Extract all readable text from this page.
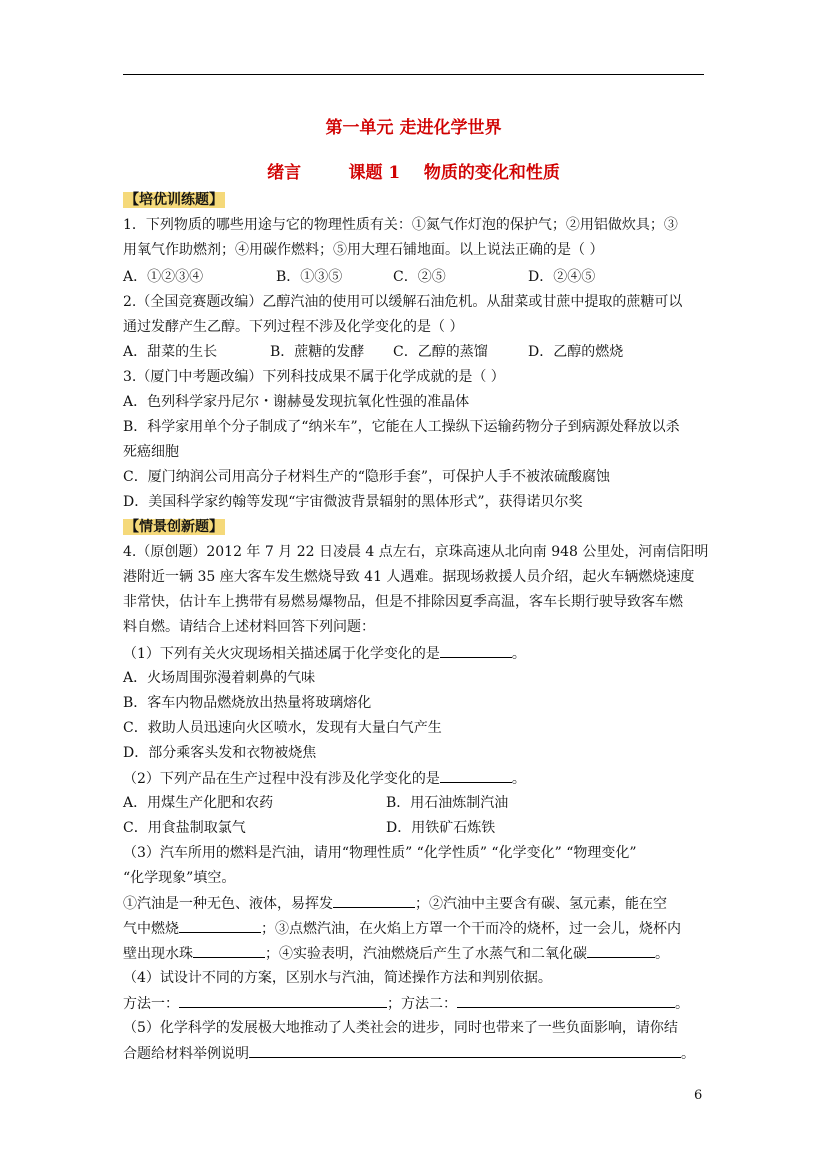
第一单元 走进化学世界
绪言	课题 1 物质的变化和性质
【培优训练题】
1．下列物质的哪些用途与它的物理性质有关：①氮气作灯泡的保护气；②用铝做炊具；③
用氧气作助燃剂；④用碳作燃料；⑤用大理石铺地面。以上说法正确的是（ ）
A．①②③④	B．①③⑤	C．②⑤	D．②④⑤
2.（全国竞赛题改编）乙醇汽油的使用可以缓解石油危机。从甜菜或甘蔗中提取的蔗糖可以
通过发酵产生乙醇。下列过程不涉及化学变化的是（ ）
A．甜菜的生长	B．蔗糖的发酵 C．乙醇的蒸馏	D．乙醇的燃烧
3.（厦门中考题改编）下列科技成果不属于化学成就的是（ ）
A．色列科学家丹尼尔・谢赫曼发现抗氧化性强的准晶体
B．科学家用单个分子制成了“纳米车”，它能在人工操纵下运输药物分子到病源处释放以杀
死癌细胞
C．厦门纳润公司用高分子材料生产的“隐形手套”，可保护人手不被浓硫酸腐蚀
D．美国科学家约翰等发现“宇宙微波背景辐射的黑体形式”，获得诺贝尔奖
【情景创新题】
4.（原创题）2012 年 7 月 22 日凌晨 4 点左右，京珠高速从北向南 948 公里处，河南信阳明
港附近一辆 35 座大客车发生燃烧导致 41 人遇难。据现场救援人员介绍，起火车辆燃烧速度
非常快，估计车上携带有易燃易爆物品，但是不排除因夏季高温，客车长期行驶导致客车燃
料自燃。请结合上述材料回答下列问题：
（1）下列有关火灾现场相关描述属于化学变化的是	。
A．火场周围弥漫着刺鼻的气味
B．客车内物品燃烧放出热量将玻璃熔化
C．救助人员迅速向火区喷水，发现有大量白气产生
D．部分乘客头发和衣物被烧焦
（2）下列产品在生产过程中没有涉及化学变化的是	。
A．用煤生产化肥和农药	B．用石油炼制汽油
C．用食盐制取氯气	D．用铁矿石炼铁
（3）汽车所用的燃料是汽油，请用“物理性质” “化学性质” “化学变化” “物理变化”
“化学现象”填空。
①汽油是一种无色、液体，易挥发	；②汽油中主要含有碳、氢元素，能在空
气中燃烧	；③点燃汽油，在火焰上方罩一个干而冷的烧杯，过一会儿，烧杯内
壁出现水珠	；④实验表明，汽油燃烧后产生了水蒸气和二氧化碳	。
（4）试设计不同的方案，区别水与汽油，简述操作方法和判别依据。
方法一：	；方法二：	。
（5）化学科学的发展极大地推动了人类社会的进步，同时也带来了一些负面影响，请你结
合题给材料举例说明	。
6
